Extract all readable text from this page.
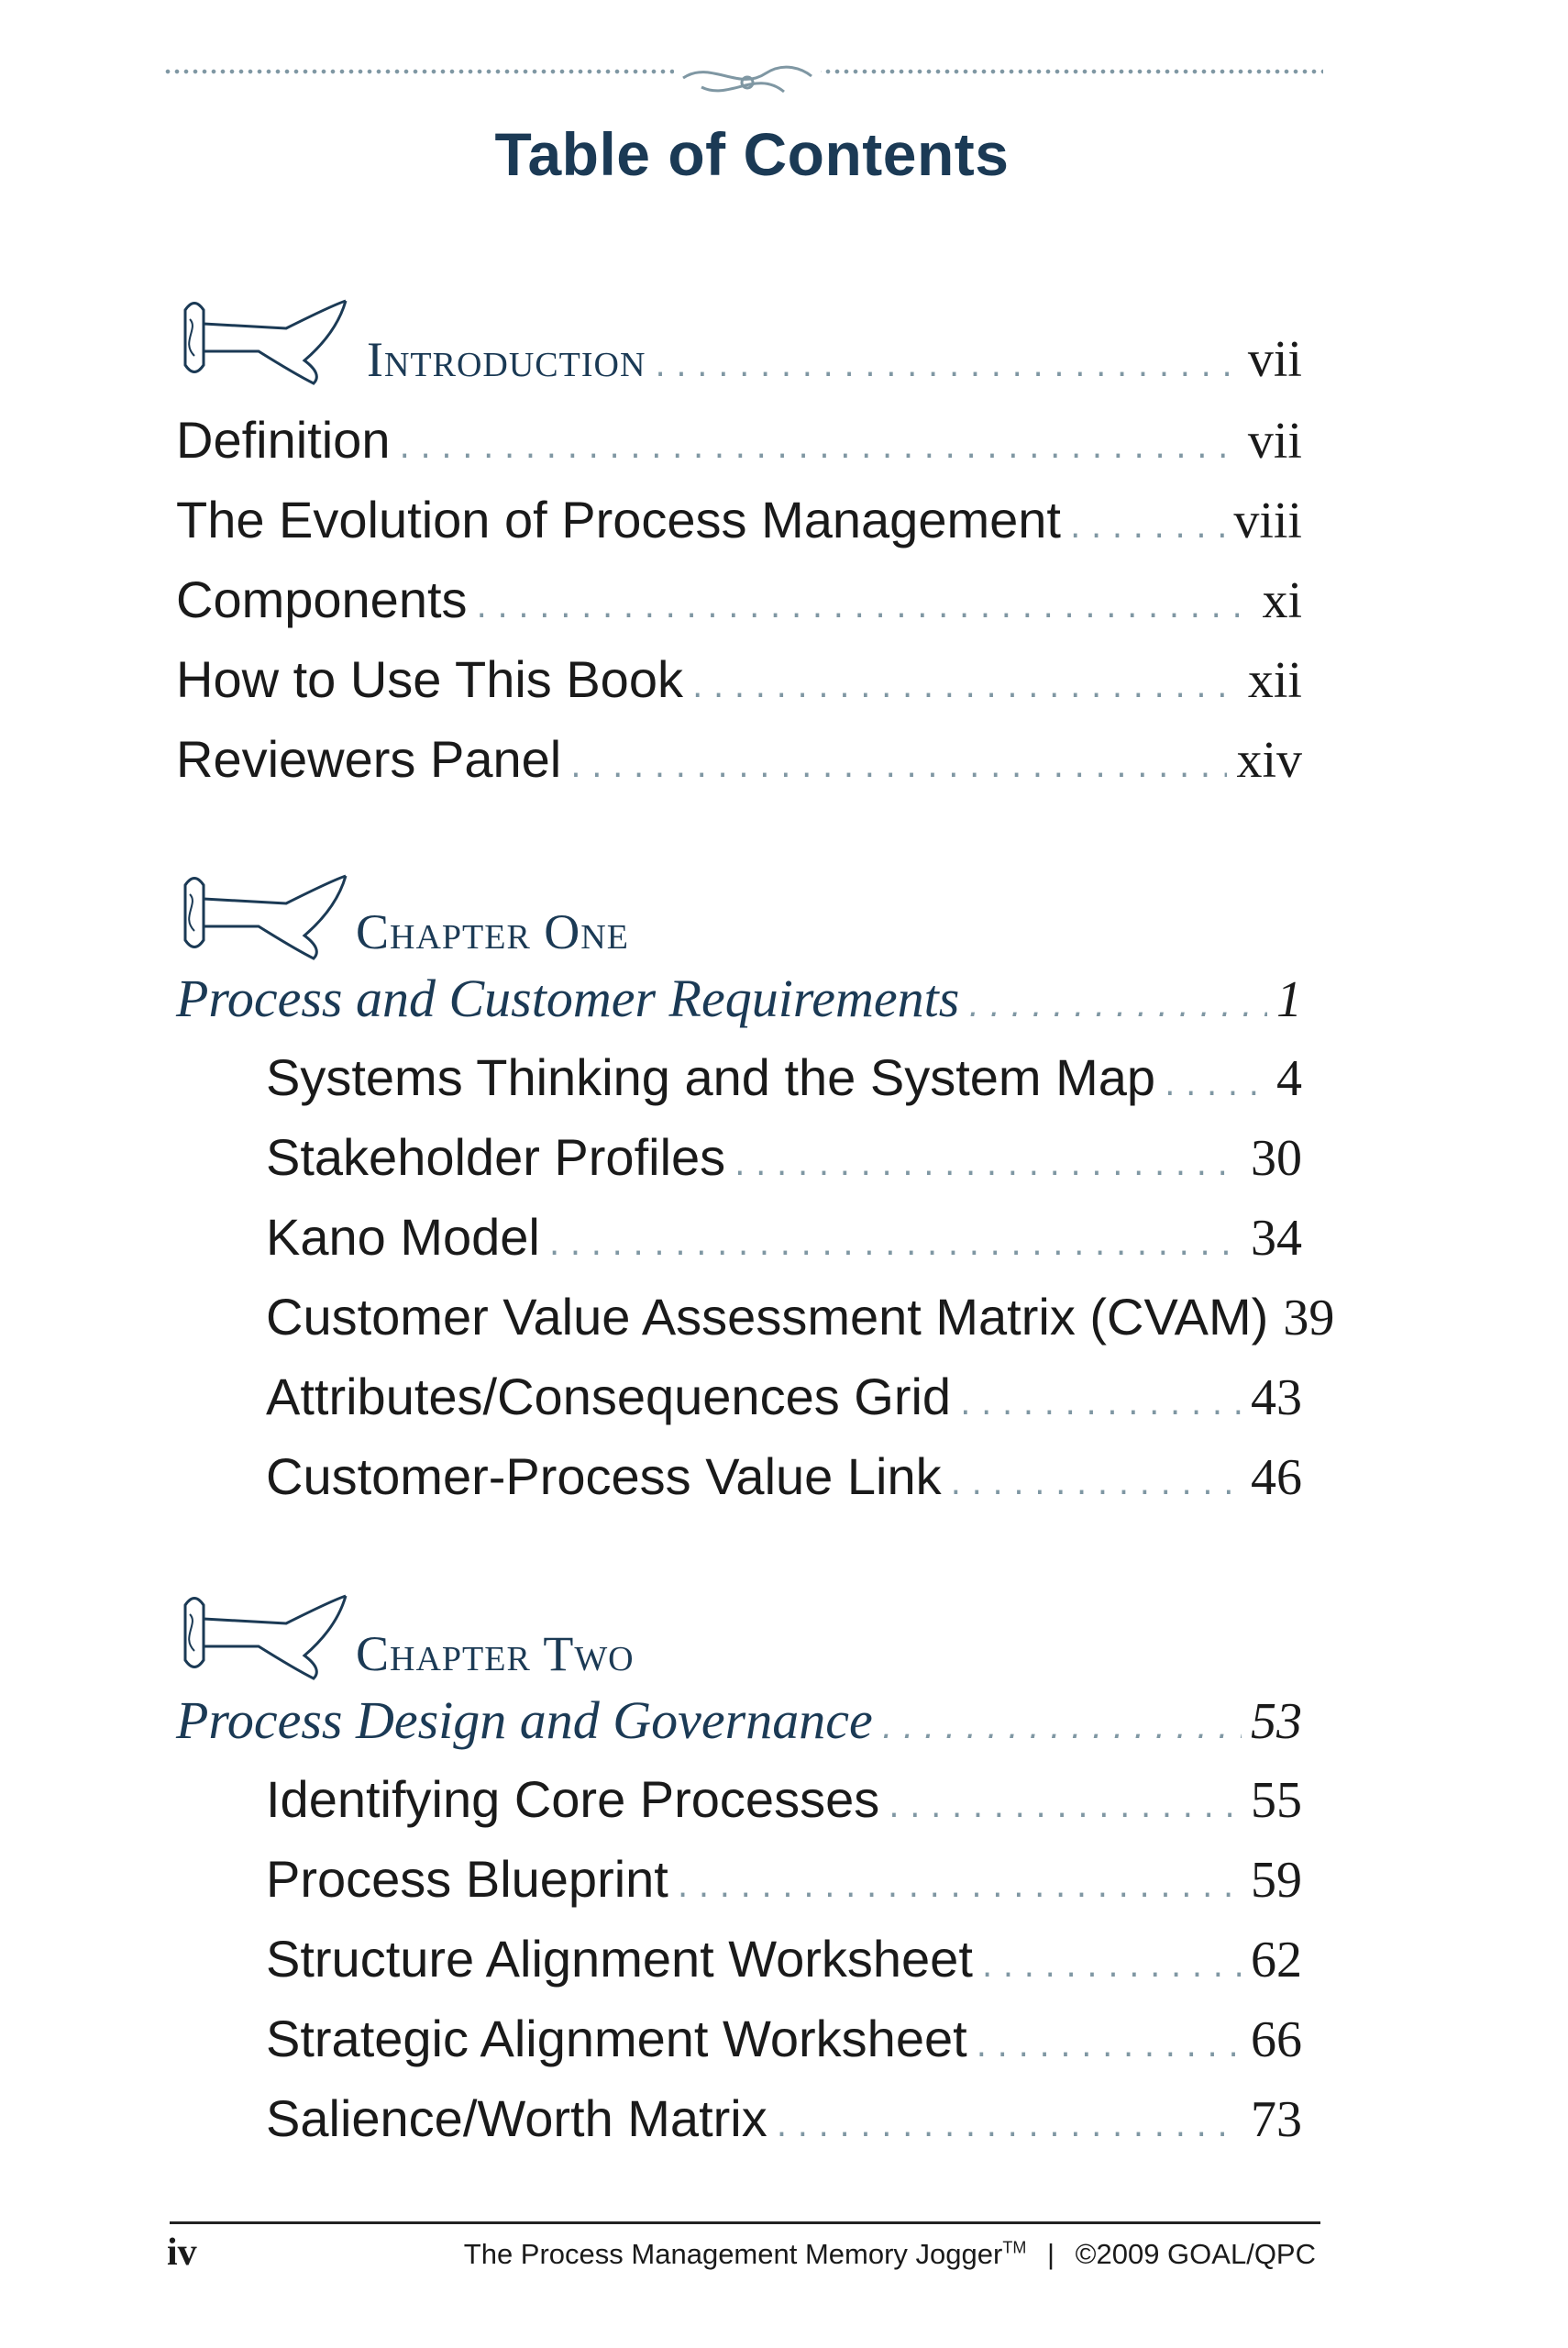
Table of Contents
Introduction . . .	vii
Definition . . .	vii
The Evolution of Process Management . . .	viii
Components . . .	xi
How to Use This Book . . .	xii
Reviewers Panel . . .	xiv
Chapter One
Process and Customer Requirements . . .	1
Systems Thinking and the System Map . . . 4
Stakeholder Profiles . . .	30
Kano Model . . .	34
Customer Value Assessment Matrix (CVAM) 39
Attributes/Consequences Grid . . .	43
Customer-Process Value Link . . .	46
Chapter Two
Process Design and Governance . . .	53
Identifying Core Processes . . .	55
Process Blueprint . . .	59
Structure Alignment Worksheet . . .	62
Strategic Alignment Worksheet . . .	66
Salience/Worth Matrix . . .	73
iv	The Process Management Memory Jogger™ | ©2009 GOAL/QPC
